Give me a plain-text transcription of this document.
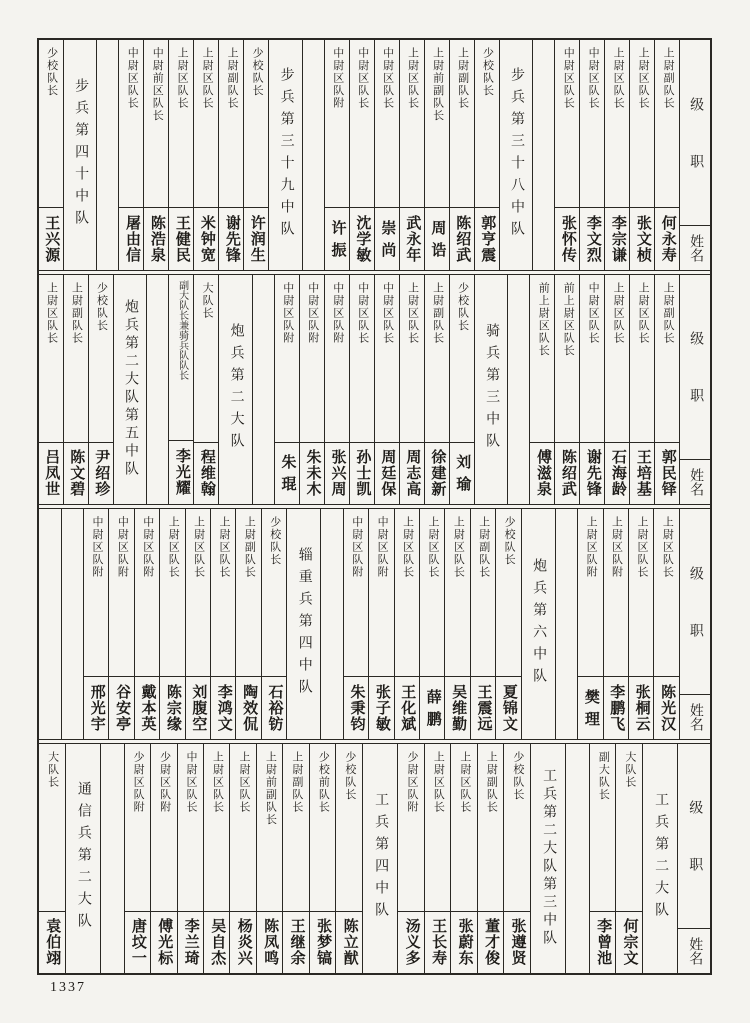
级
职
姓
名
上尉副队长
何
永
寿
上尉区队长
张
文
桢
上尉区队长
李
宗
谦
中尉区队长
李
文
烈
中尉区队长
张
怀
传
步兵第三十八中队
少校队长
郭
亨
震
上尉副队长
陈
绍
武
上尉前副队长
周
诰
上尉区队长
武
永
年
中尉区队长
崇
尚
中尉区队长
沈
学
敏
中尉区队附
许
振
步兵第三十九中队
少校队长
许
润
生
上尉副队长
谢
先
锋
上尉区队长
米
钟
宽
上尉区队长
王
健
民
中尉前区队长
陈
浩
泉
中尉区队长
屠
由
信
步兵第四十中队
少校队长
王
兴
源
级
职
姓
名
上尉副队长
郭
民
铎
上尉区队长
王
培
基
上尉区队长
石
海
龄
中尉区队长
谢
先
锋
前上尉区队长
陈
绍
武
前上尉区队长
傅
滋
泉
骑兵第三中队
少校队长
刘
瑜
上尉副队长
徐
建
新
上尉区队长
周
志
高
中尉区队长
周
廷
保
中尉区队长
孙
士
凯
中尉区队附
张
兴
周
中尉区队附
朱
未
木
中尉区队附
朱
琨
炮兵第二大队
大队长
程
维
翰
副大队长兼骑兵队队长
李
光
耀
炮兵第二大队第五中队
少校队长
尹
绍
珍
上尉副队长
陈
文
碧
上尉区队长
吕
凤
世
级
职
姓
名
上尉区队长
陈
光
汉
上尉区队长
张
桐
云
上尉区队附
李
鹏
飞
上尉区队附
樊
理
炮兵第六中队
少校队长
夏
锦
文
上尉副队长
王
震
远
上尉区队长
吴
维
勤
上尉区队长
薛
鹏
上尉区队长
王
化
斌
中尉区队附
张
子
敏
中尉区队附
朱
秉
钧
辎重兵第四中队
少校队长
石
裕
钫
上尉副队长
陶
效
侃
上尉区队长
李
鸿
文
上尉区队长
刘
腹
空
上尉区队长
陈
宗
缘
中尉区队附
戴
本
英
中尉区队附
谷
安
亭
中尉区队附
邢
光
宇
级
职
姓
名
工兵第二大队
大队长
何
宗
文
副大队长
李
曾
池
工兵第二大队第三中队
少校队长
张
遵
贤
上尉副队长
董
才
俊
上尉区队长
张
蔚
东
上尉区队长
王
长
寿
少尉区队附
汤
义
多
工兵第四中队
少校队长
陈
立
猷
少校前队长
张
梦
镐
上尉副队长
王
继
余
上尉前副队长
陈
凤
鸣
上尉区队长
杨
炎
兴
上尉区队长
吴
自
杰
中尉区队长
李
兰
琦
少尉区队附
傅
光
标
少尉区队附
唐
坟
一
通信兵第二大队
大队长
袁
伯
翊
1337
